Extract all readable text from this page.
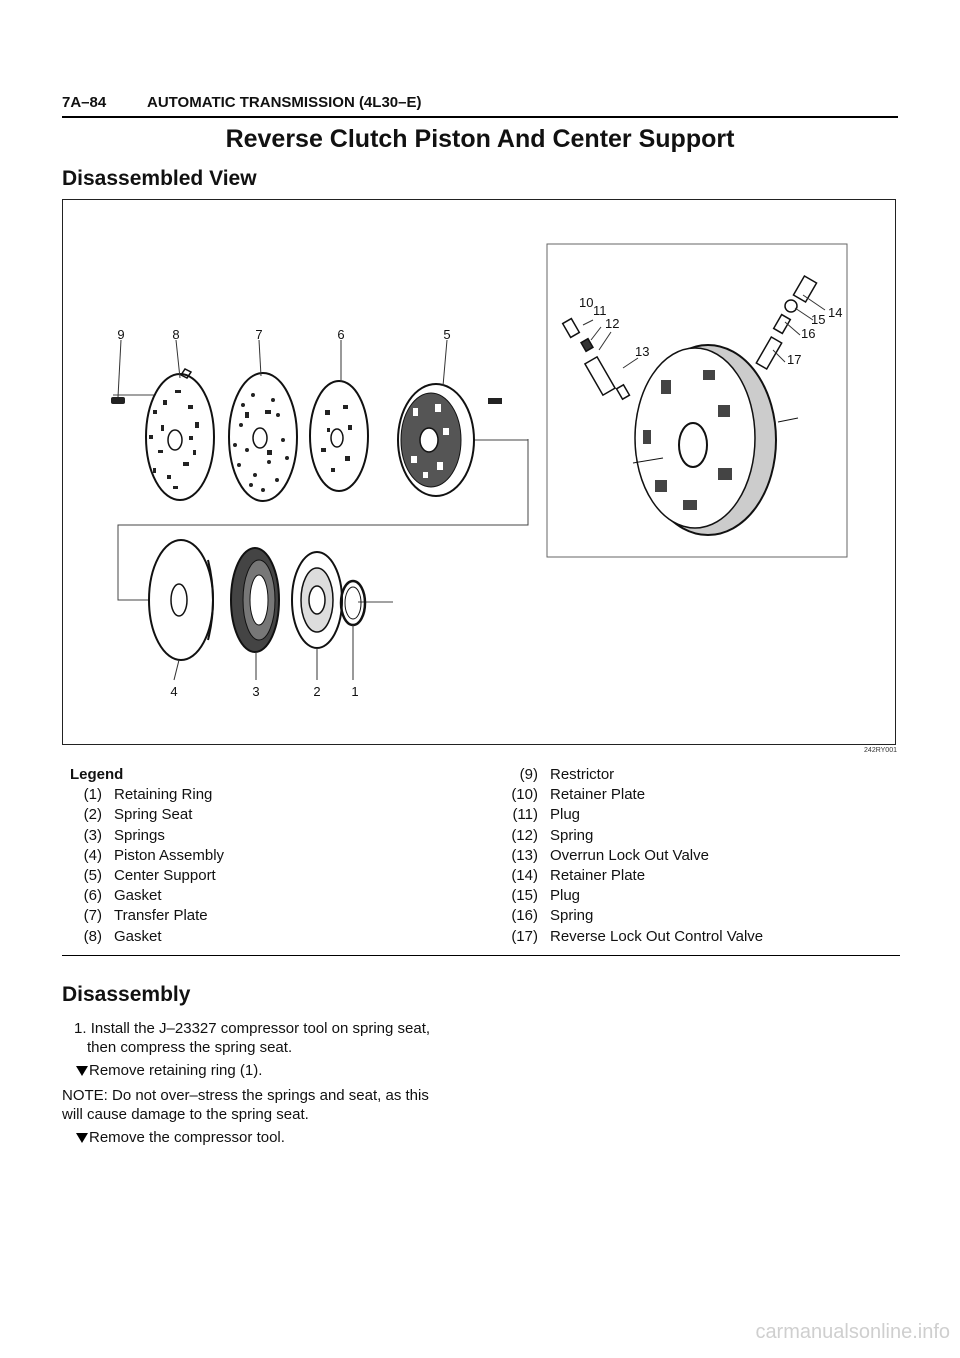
7A–84	AUTOMATIC TRANSMISSION (4L30–E)
Reverse Clutch Piston And Center Support
Disassembled View
9	8	7	6	5
4	3	2 1
10
11
12
13
14
15
16
17
242RY001
Legend
(1) Retaining Ring
(2) Spring Seat
(3) Springs
(4) Piston Assembly
(5) Center Support
(6) Gasket
(7) Transfer Plate
(8) Gasket
(9) Restrictor
(10) Retainer Plate
(11) Plug
(12) Spring
(13) Overrun Lock Out Valve
(14) Retainer Plate
(15) Plug
(16) Spring
(17) Reverse Lock Out Control Valve
Disassembly
1. Install the J–23327 compressor tool on spring seat,
then compress the spring seat.
Remove retaining ring (1).
NOTE: Do not over–stress the springs and seat, as this
will cause damage to the spring seat.
Remove the compressor tool.
carmanualsonline.info
